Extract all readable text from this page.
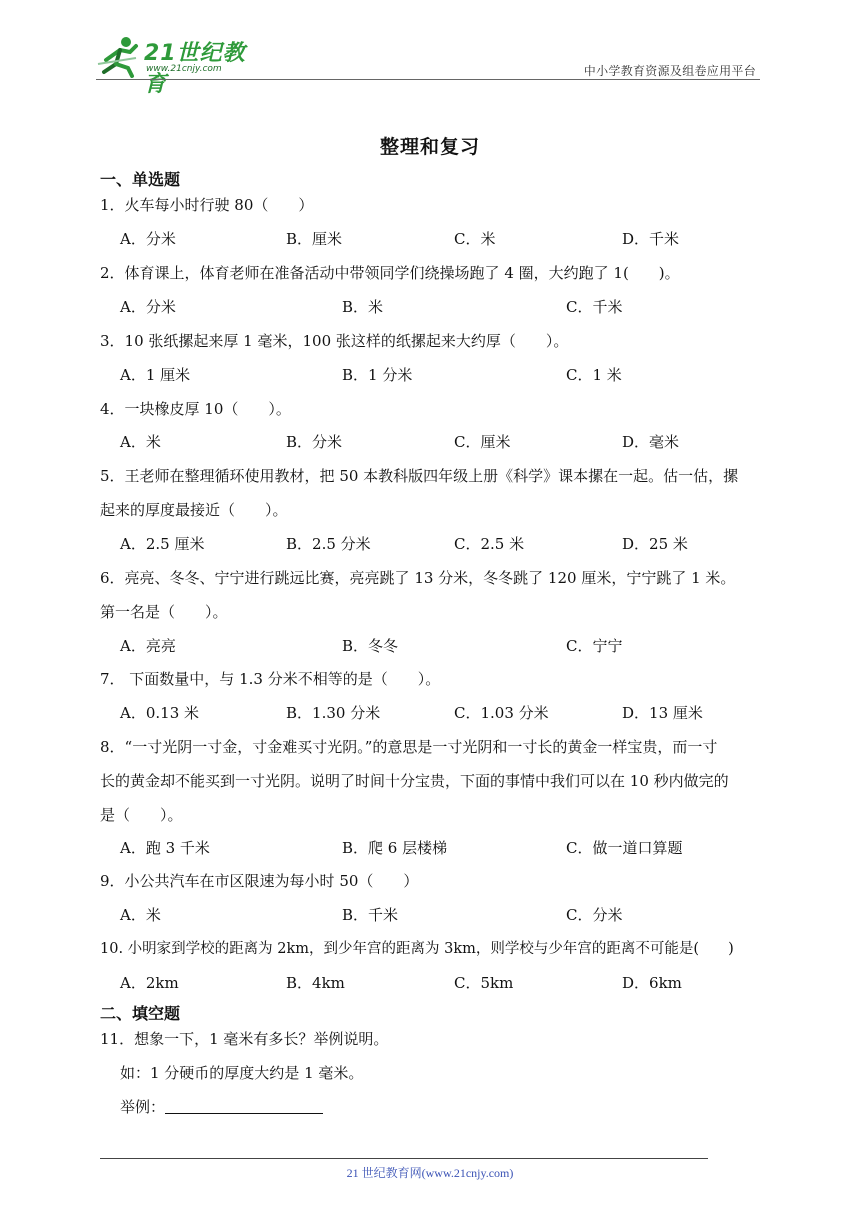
21世纪教育
www.21cnjy.com	中小学教育资源及组卷应用平台
整理和复习
一、单选题
1．火车每小时行驶 80（　　）
A．分米	B．厘米	C．米	D．千米
2．体育课上，体育老师在准备活动中带领同学们绕操场跑了 4 圈，大约跑了 1(　　)。
A．分米	B．米	C．千米
3．10 张纸摞起来厚 1 毫米，100 张这样的纸摞起来大约厚（　　）。
A．1 厘米	B．1 分米	C．1 米
4．一块橡皮厚 10（　　）。
A．米	B．分米	C．厘米	D．毫米
5．王老师在整理循环使用教材，把 50 本教科版四年级上册《科学》课本摞在一起。估一估，摞
起来的厚度最接近（　　）。
A．2.5 厘米	B．2.5 分米	C．2.5 米	D．25 米
6．亮亮、冬冬、宁宁进行跳远比赛，亮亮跳了 13 分米，冬冬跳了 120 厘米，宁宁跳了 1 米。
第一名是（　　）。
A．亮亮	B．冬冬	C．宁宁
7． 下面数量中，与 1.3 分米不相等的是（　　）。
A．0.13 米	B．1.30 分米	C．1.03 分米	D．13 厘米
8．“一寸光阴一寸金，寸金难买寸光阴。”的意思是一寸光阴和一寸长的黄金一样宝贵，而一寸
长的黄金却不能买到一寸光阴。说明了时间十分宝贵，下面的事情中我们可以在 10 秒内做完的
是（　　）。
A．跑 3 千米	B．爬 6 层楼梯	C．做一道口算题
9．小公共汽车在市区限速为每小时 50（　　）
A．米	B．千米	C．分米
10. 小明家到学校的距离为 2km，到少年宫的距离为 3km，则学校与少年宫的距离不可能是(　　)
A．2km	B．4km	C．5km	D．6km
二、填空题
11．想象一下，1 毫米有多长？举例说明。
如：1 分硬币的厚度大约是 1 毫米。
举例：
21 世纪教育网(www.21cnjy.com)
